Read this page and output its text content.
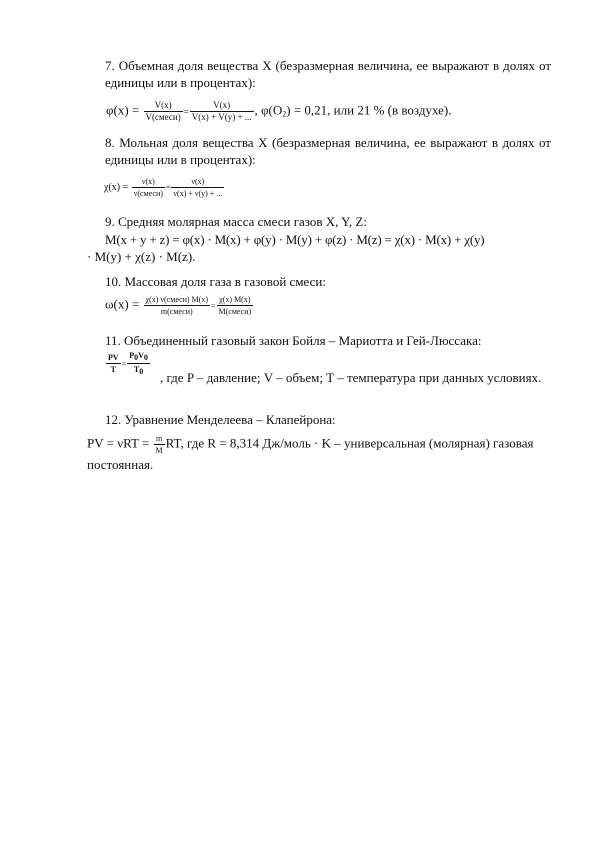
7. Объемная доля вещества X (безразмерная величина, ее выражают в долях от единицы или в процентах):
$\varphi(x) = \frac{V(x)}{\text{V(смеси)}} = \frac{V(x)}{V(x) + V(y) + ...}$ , $\varphi(O_2) = 0,21$, или 21 % (в воздухе).
8. Мольная доля вещества X (безразмерная величина, ее выражают в долях от единицы или в процентах):
$\chi(x) = \frac{\nu(x)}{\text{ν(смеси)}} = \frac{\nu(x)}{\nu(x) + \nu(y) + ...}$
9. Средняя молярная масса смеси газов X, Y, Z:
M(x + y + z) = φ(x) · M(x) + φ(y) · M(y) + φ(z) · M(z) = χ(x) · M(x) + χ(y)
· M(y) + χ(z) · M(z).
10. Массовая доля газа в газовой смеси:
$\omega(x) = \frac{\text{χ(x) ν(смеси) M(x)}}{\text{m(смеси)}} = \frac{\chi(x) M(x)}{\text{M(смеси)}}$
11. Объединенный газовый закон Бойля – Мариотта и Гей-Люссака:
$\frac{PV}{T} = \frac{P_0V_0}{T_0}$
, где P – давление; V – объем; T – температура при данных условиях.
12. Уравнение Менделеева – Клапейрона:
PV = $\nu RT = \frac{m}{M}$ RT, где R = 8,314 Дж/моль · K – универсальная (молярная) газовая постоянная.
